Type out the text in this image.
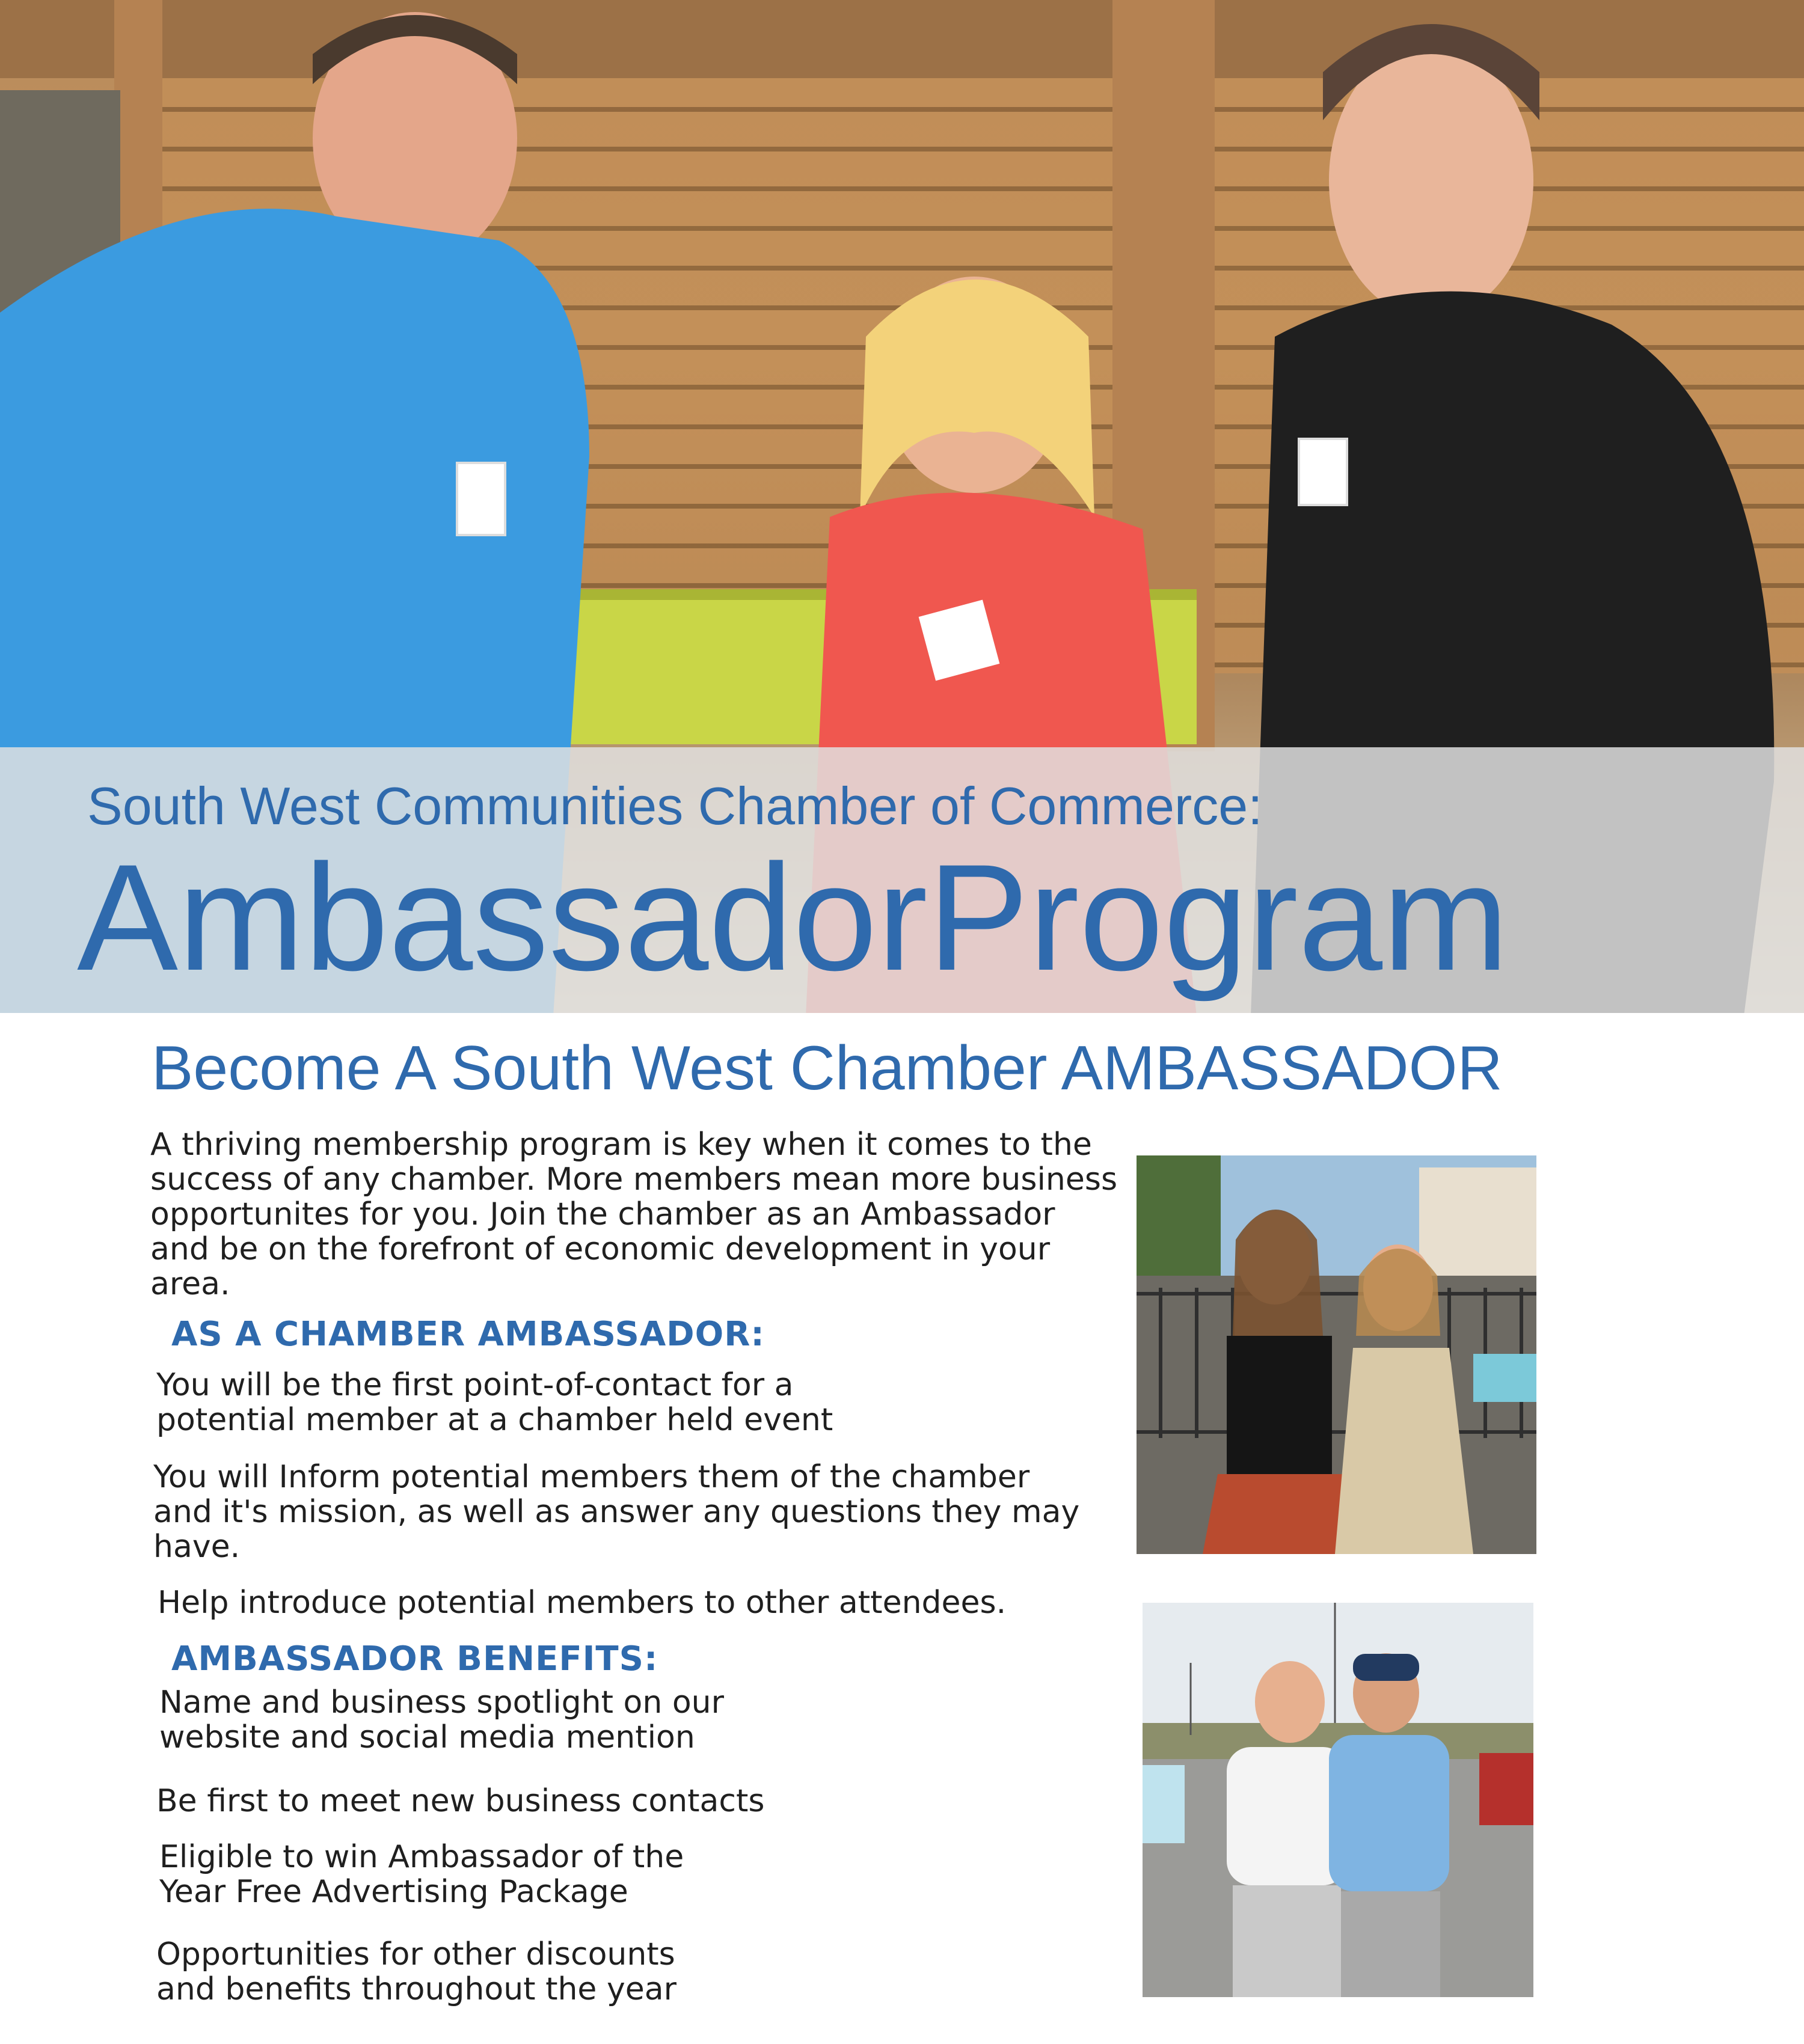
South West Communities Chamber of Commerce:
AmbassadorProgram
Become A South West Chamber AMBASSADOR

A thriving membership program is key when it comes to the
success of any chamber. More members mean more business
opportunites for you. Join the chamber as an Ambassador
and be on the forefront of economic development in your
area.

AS A CHAMBER AMBASSADOR:

You will be the first point-of-contact for a
potential member at a chamber held event

You will Inform potential members them of the chamber
and it's mission, as well as answer any questions they may
have.

Help introduce potential members to other attendees.

AMBASSADOR BENEFITS:

Name and business spotlight on our
website and social media mention

Be first to meet new business contacts

Eligible to win Ambassador of the
Year Free Advertising Package

Opportunities for other discounts
and benefits throughout the year
